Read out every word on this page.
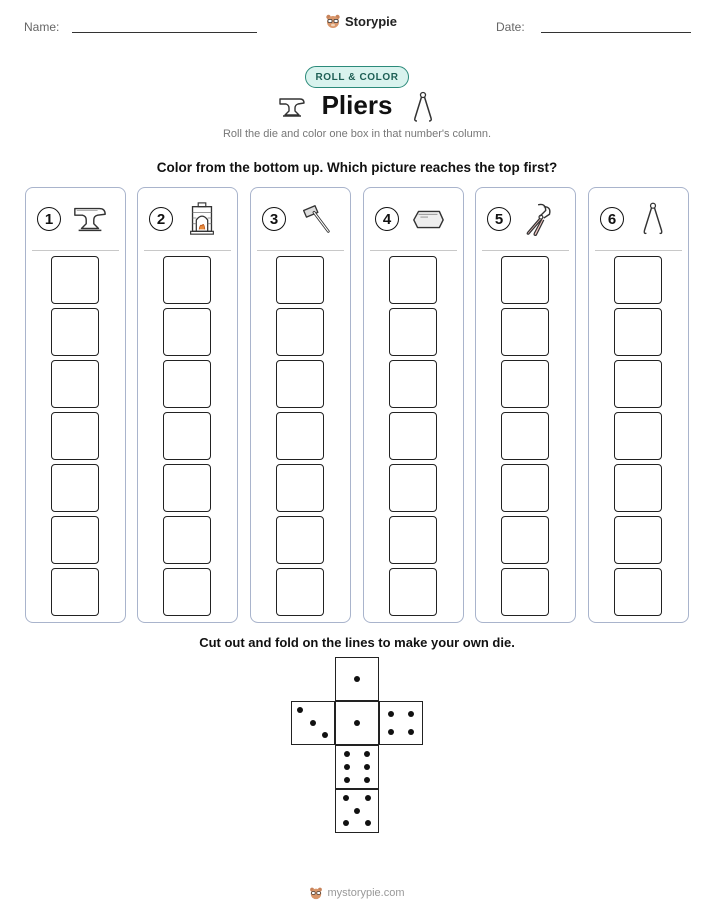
Name:	Storypie	Date:
ROLL & COLOR
Pliers
Roll the die and color one box in that number's column.
Color from the bottom up. Which picture reaches the top first?
1	2	3	4	5	6
Cut out and fold on the lines to make your own die.
mystorypie.com
